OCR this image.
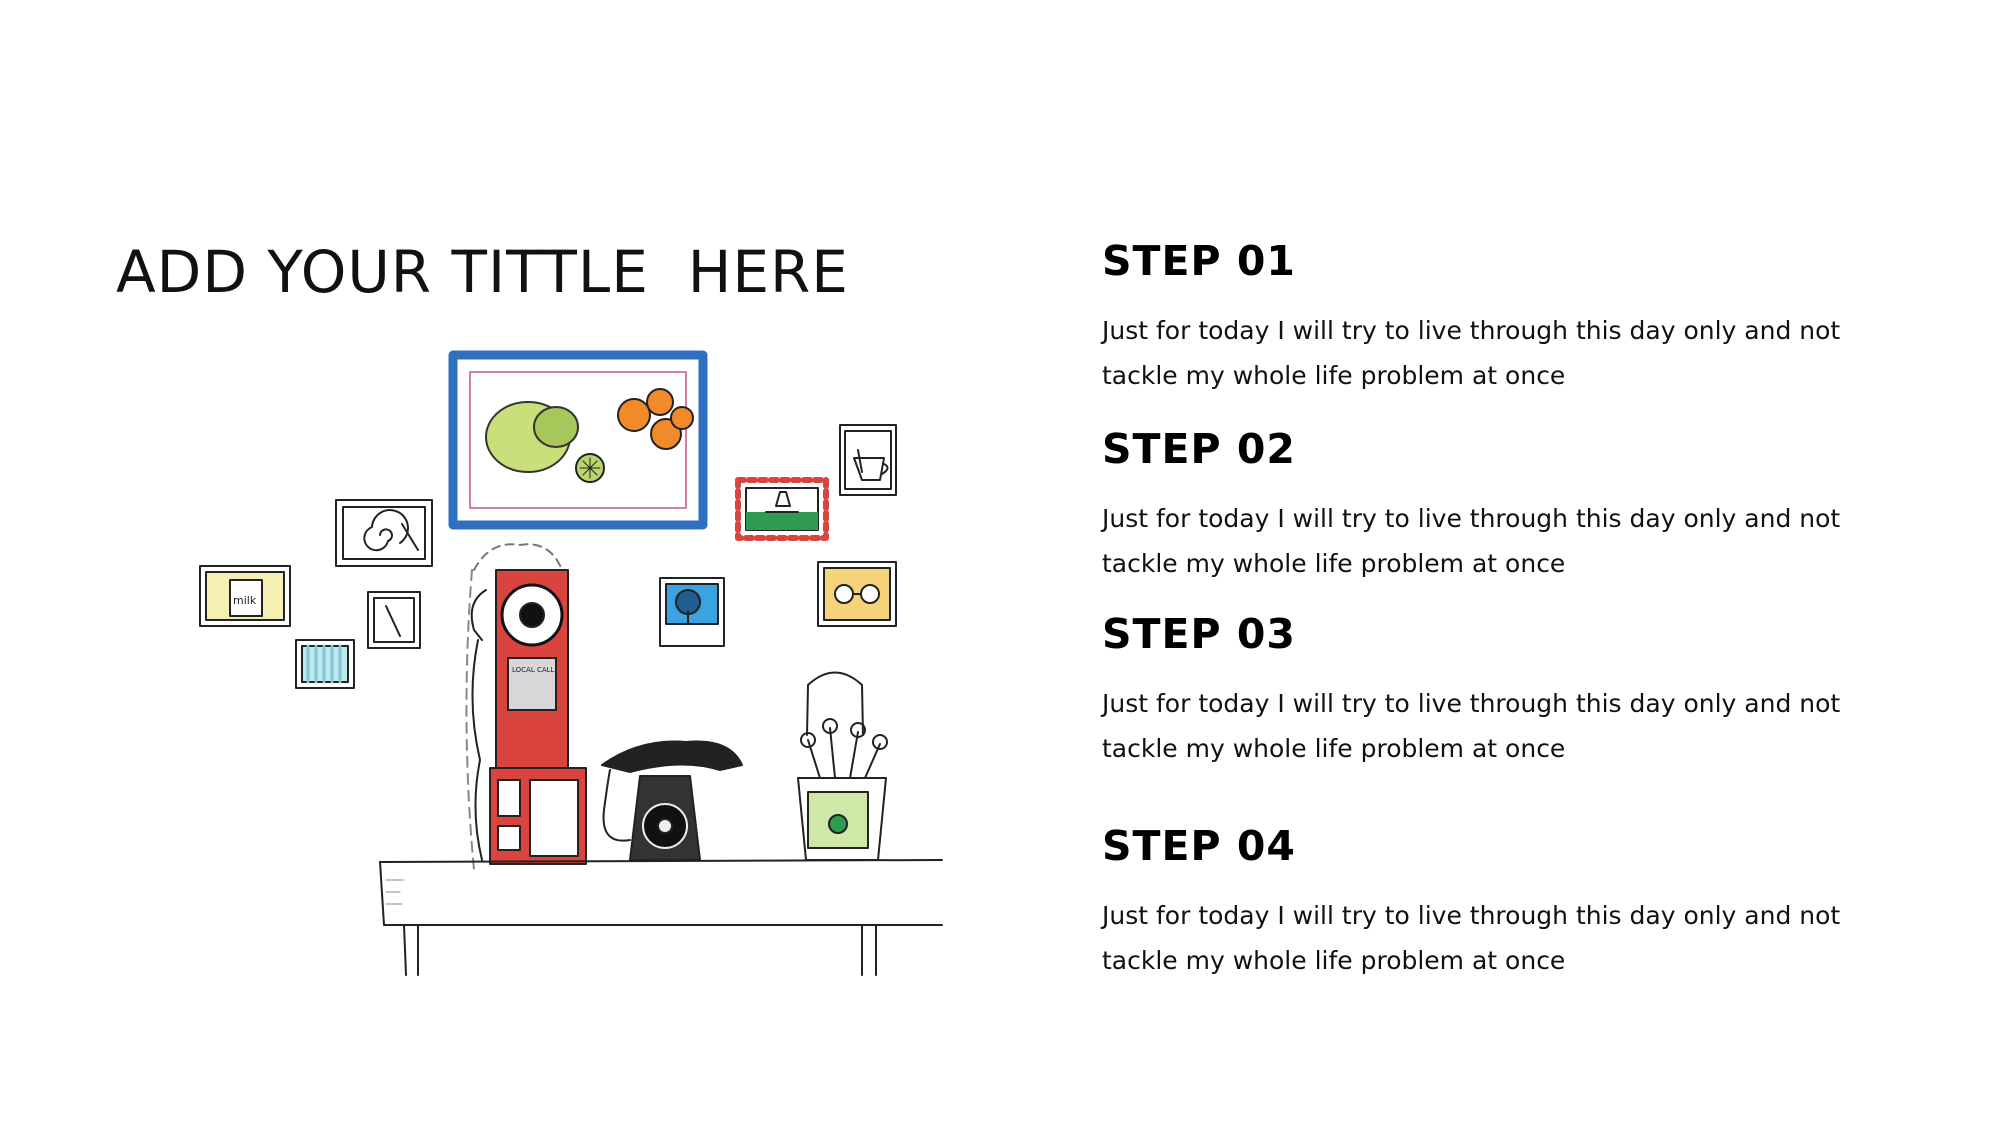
ADD YOUR TITTLE  HERE
milk
LOCAL CALL
STEP 01

Just for today I will try to live through this day only and not tackle my whole life problem at once

STEP 02

Just for today I will try to live through this day only and not tackle my whole life problem at once

STEP 03

Just for today I will try to live through this day only and not tackle my whole life problem at once

STEP 04

Just for today I will try to live through this day only and not tackle my whole life problem at once
